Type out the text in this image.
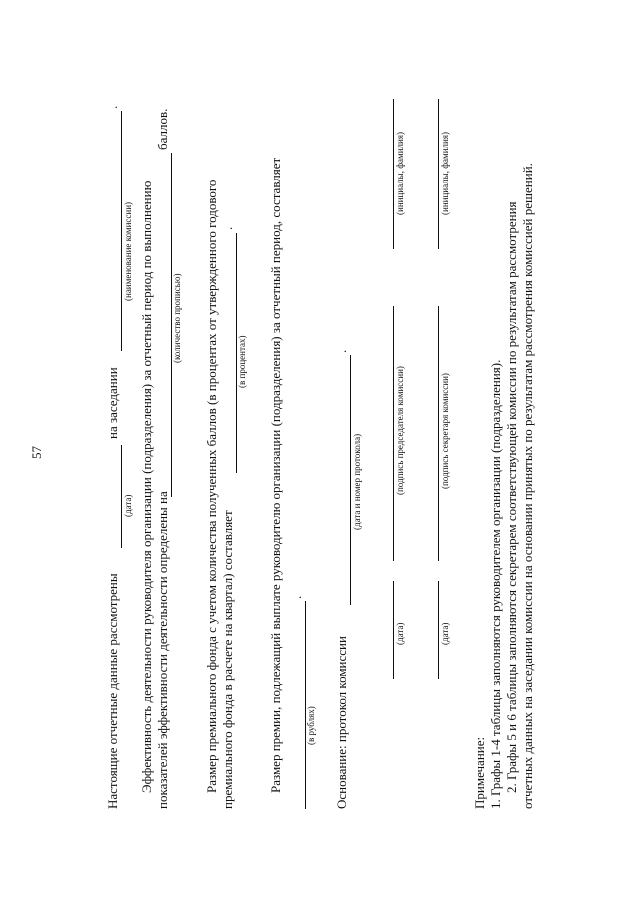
57
Настоящие отчетные данные рассмотрены
на заседании
.
(дата)
(наименование комиссии) Эффективность деятельности руководителя организации (подразделения) за отчетный период по выполнению показателей эффективности деятельности определены на
баллов.
(количество прописью) Размер премиального фонда с учетом количества полученных баллов (в процентах от утвержденного годового премиального фонда в расчете на квартал) составляет
.
(в процентах) Размер премии, подлежащий выплате руководителю организации (подразделения) за отчетный период, составляет .
(в рублях) Основание: протокол комиссии
.
(дата и номер протокола)
(дата)
(подпись председателя комиссии)
(инициалы, фамилия)
(дата)
(подпись секретаря комиссии)
(инициалы, фамилия)
Примечание: 1. Графы 1-4 таблицы заполняются руководителем организации (подразделения). 2. Графы 5 и 6 таблицы заполняются секретарем соответствующей комиссии по результатам рассмотрения отчетных данных на заседании комиссии на основании принятых по результатам рассмотрения комиссией решений.
